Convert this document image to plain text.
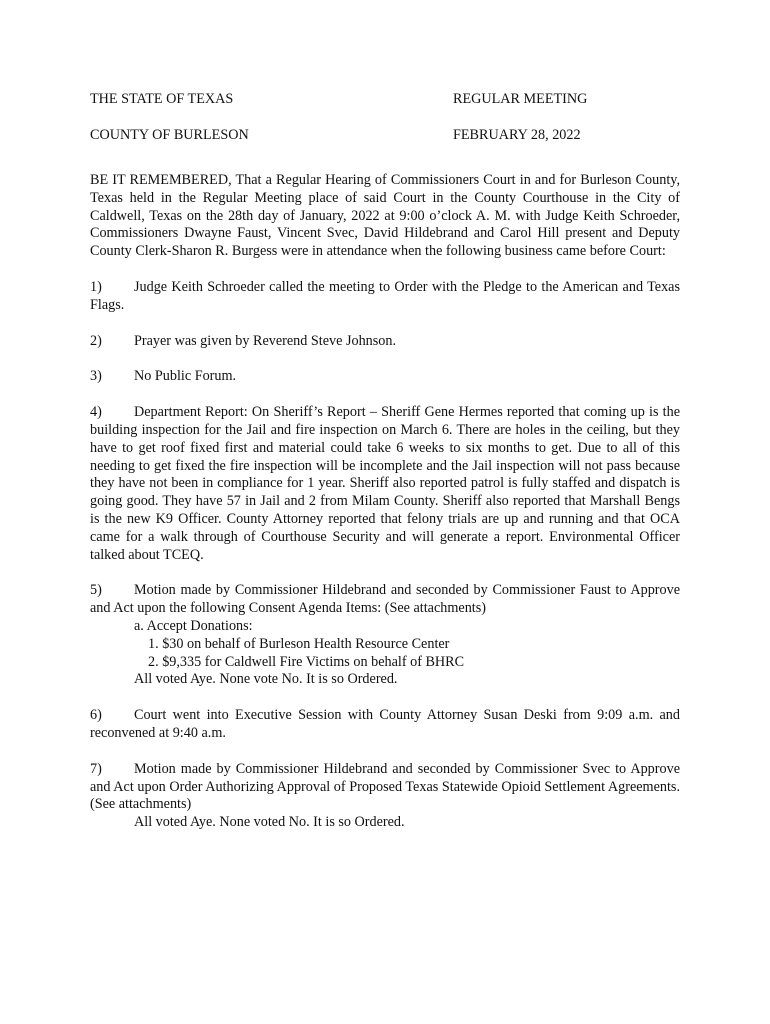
THE STATE OF TEXAS	REGULAR MEETING
COUNTY OF BURLESON	FEBRUARY 28, 2022

BE IT REMEMBERED, That a Regular Hearing of Commissioners Court in and for Burleson County, Texas held in the Regular Meeting place of said Court in the County Courthouse in the City of Caldwell, Texas on the 28th day of January, 2022 at 9:00 o’clock A. M. with Judge Keith Schroeder, Commissioners Dwayne Faust, Vincent Svec, David Hildebrand and Carol Hill present and Deputy County Clerk-Sharon R. Burgess were in attendance when the following business came before Court:

1) Judge Keith Schroeder called the meeting to Order with the Pledge to the American and Texas Flags.
2) Prayer was given by Reverend Steve Johnson.
3) No Public Forum.
4) Department Report: On Sheriff’s Report – Sheriff Gene Hermes reported that coming up is the building inspection for the Jail and fire inspection on March 6. There are holes in the ceiling, but they have to get roof fixed first and material could take 6 weeks to six months to get. Due to all of this needing to get fixed the fire inspection will be incomplete and the Jail inspection will not pass because they have not been in compliance for 1 year. Sheriff also reported patrol is fully staffed and dispatch is going good. They have 57 in Jail and 2 from Milam County. Sheriff also reported that Marshall Bengs is the new K9 Officer. County Attorney reported that felony trials are up and running and that OCA came for a walk through of Courthouse Security and will generate a report. Environmental Officer talked about TCEQ.
5) Motion made by Commissioner Hildebrand and seconded by Commissioner Faust to Approve and Act upon the following Consent Agenda Items: (See attachments)
a. Accept Donations:
1. $30 on behalf of Burleson Health Resource Center
2. $9,335 for Caldwell Fire Victims on behalf of BHRC
All voted Aye. None vote No. It is so Ordered.
6) Court went into Executive Session with County Attorney Susan Deski from 9:09 a.m. and reconvened at 9:40 a.m.
7) Motion made by Commissioner Hildebrand and seconded by Commissioner Svec to Approve and Act upon Order Authorizing Approval of Proposed Texas Statewide Opioid Settlement Agreements. (See attachments)
All voted Aye. None voted No. It is so Ordered.
